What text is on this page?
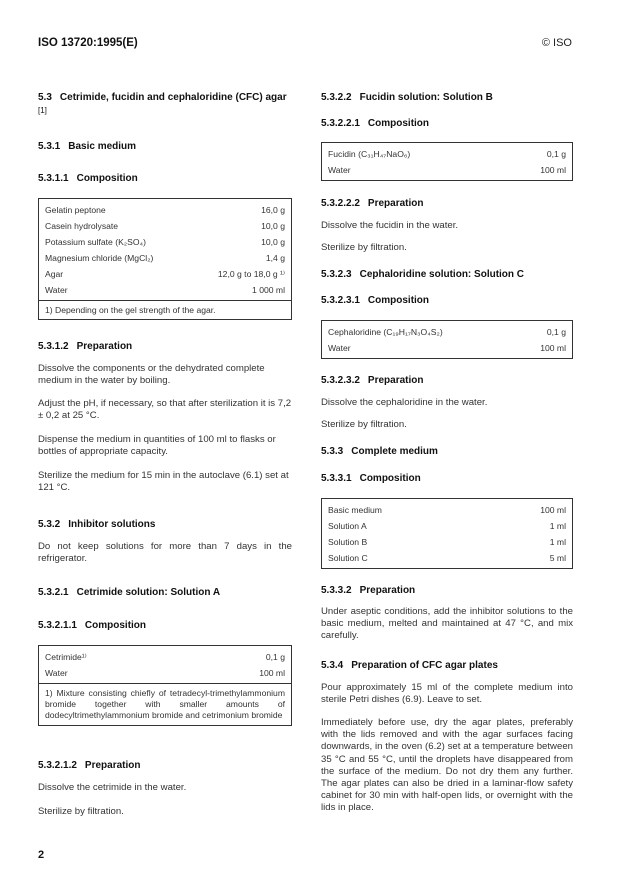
ISO 13720:1995(E)	© ISO
5.3 Cetrimide, fucidin and cephaloridine (CFC) agar [1]
5.3.1 Basic medium
5.3.1.1 Composition
Gelatin peptone	16,0 g
Casein hydrolysate	10,0 g
Potassium sulfate (K₂SO₄)	10,0 g
Magnesium chloride (MgCl₂)	1,4 g
Agar	12,0 g to 18,0 g ¹⁾
Water	1 000 ml
1) Depending on the gel strength of the agar.	
5.3.1.2 Preparation
Dissolve the components or the dehydrated complete medium in the water by boiling.
Adjust the pH, if necessary, so that after sterilization it is 7,2 ± 0,2 at 25 °C.
Dispense the medium in quantities of 100 ml to flasks or bottles of appropriate capacity.
Sterilize the medium for 15 min in the autoclave (6.1) set at 121 °C.
5.3.2 Inhibitor solutions
Do not keep solutions for more than 7 days in the refrigerator.
5.3.2.1 Cetrimide solution: Solution A
5.3.2.1.1 Composition
Cetrimide¹⁾	0,1 g
Water	100 ml
1) Mixture consisting chiefly of tetradecyl-trimethylammonium bromide together with smaller amounts of dodecyltrimethylammonium bromide and cetrimonium bromide	
5.3.2.1.2 Preparation
Dissolve the cetrimide in the water.
Sterilize by filtration.
5.3.2.2 Fucidin solution: Solution B
5.3.2.2.1 Composition
Fucidin (C₃₁H₄₇NaO₆)	0,1 g
Water	100 ml
5.3.2.2.2 Preparation
Dissolve the fucidin in the water.
Sterilize by filtration.
5.3.2.3 Cephaloridine solution: Solution C
5.3.2.3.1 Composition
Cephaloridine (C₁₉H₁₇N₃O₄S₂)	0,1 g
Water	100 ml
5.3.2.3.2 Preparation
Dissolve the cephaloridine in the water.
Sterilize by filtration.
5.3.3 Complete medium
5.3.3.1 Composition
Basic medium	100 ml
Solution A	1 ml
Solution B	1 ml
Solution C	5 ml
5.3.3.2 Preparation
Under aseptic conditions, add the inhibitor solutions to the basic medium, melted and maintained at 47 °C, and mix carefully.
5.3.4 Preparation of CFC agar plates
Pour approximately 15 ml of the complete medium into sterile Petri dishes (6.9). Leave to set.
Immediately before use, dry the agar plates, preferably with the lids removed and with the agar surfaces facing downwards, in the oven (6.2) set at a temperature between 35 °C and 55 °C, until the droplets have disappeared from the surface of the medium. Do not dry them any further. The agar plates can also be dried in a laminar-flow safety cabinet for 30 min with half-open lids, or overnight with the lids in place.
2
